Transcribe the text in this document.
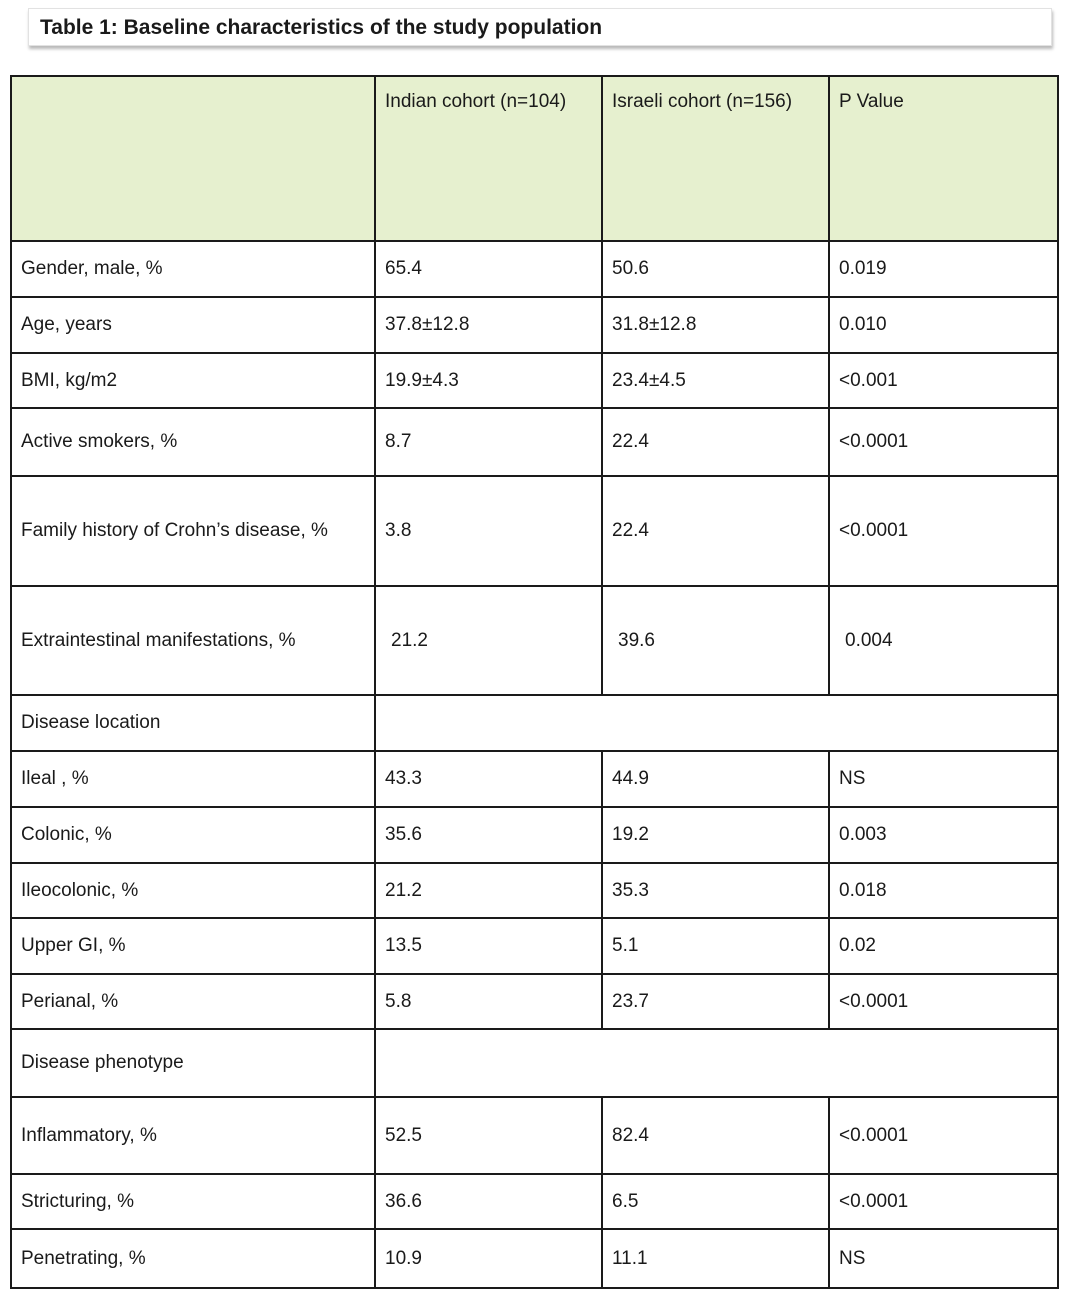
Table 1: Baseline characteristics of the study population
	Indian cohort (n=104)	Israeli cohort (n=156)	P Value
Gender, male, %	65.4	50.6	0.019
Age, years	37.8±12.8	31.8±12.8	0.010
BMI, kg/m2	19.9±4.3	23.4±4.5	<0.001
Active smokers, %	8.7	22.4	<0.0001
Family history of Crohn’s disease, %	3.8	22.4	<0.0001
Extraintestinal manifestations, %	21.2	39.6	0.004
Disease location			
Ileal , %	43.3	44.9	NS
Colonic, %	35.6	19.2	0.003
Ileocolonic, %	21.2	35.3	0.018
Upper GI, %	13.5	5.1	0.02
Perianal, %	5.8	23.7	<0.0001
Disease phenotype			
Inflammatory, %	52.5	82.4	<0.0001
Stricturing, %	36.6	6.5	<0.0001
Penetrating, %	10.9	11.1	NS
